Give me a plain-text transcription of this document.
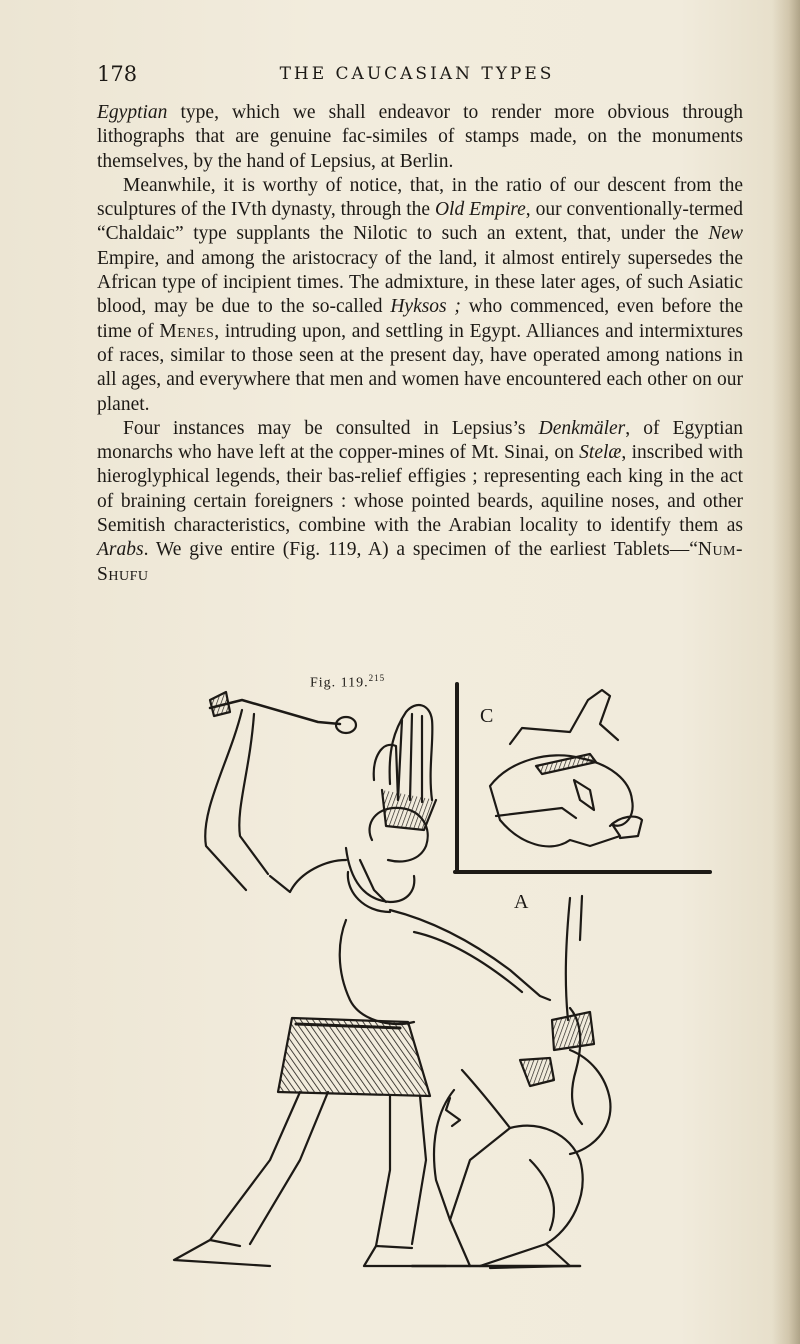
178	THE CAUCASIAN TYPES

Egyptian type, which we shall endeavor to render more obvious through lithographs that are genuine fac-similes of stamps made, on the monuments themselves, by the hand of Lepsius, at Berlin.

Meanwhile, it is worthy of notice, that, in the ratio of our descent from the sculptures of the IVth dynasty, through the Old Empire, our conventionally-termed “Chaldaic” type supplants the Nilotic to such an extent, that, under the New Empire, and among the aristocracy of the land, it almost entirely supersedes the African type of incipient times. The admixture, in these later ages, of such Asiatic blood, may be due to the so-called Hyksos ; who commenced, even before the time of Menes, intruding upon, and settling in Egypt. Alliances and intermixtures of races, similar to those seen at the present day, have operated among nations in all ages, and everywhere that men and women have encountered each other on our planet.

Four instances may be consulted in Lepsius’s Denkmäler, of Egyptian monarchs who have left at the copper-mines of Mt. Sinai, on Stelæ, inscribed with hieroglyphical legends, their bas-relief effigies ; representing each king in the act of braining certain foreigners : whose pointed beards, aquiline noses, and other Semitish characteristics, combine with the Arabian locality to identify them as Arabs. We give entire (Fig. 119, A) a specimen of the earliest Tablets—“Num-Shufu

Fig. 119.$^{215}$
C
A
